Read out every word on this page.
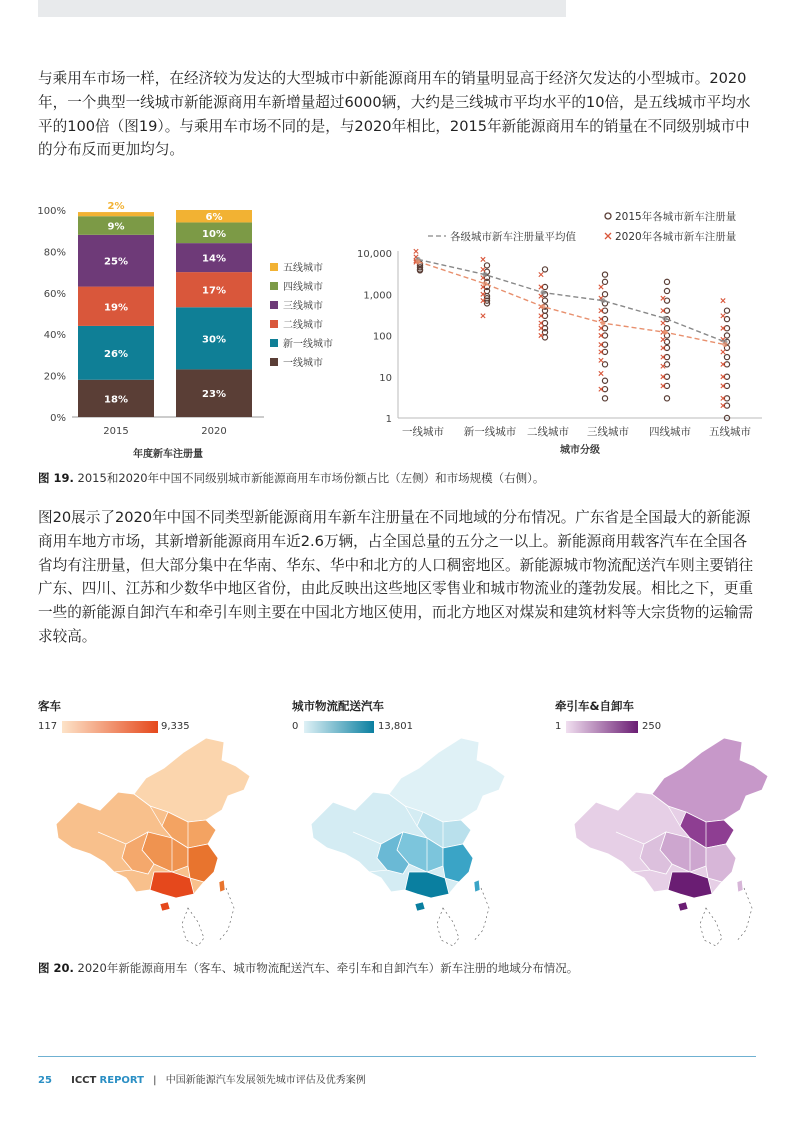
与乘用车市场一样，在经济较为发达的大型城市中新能源商用车的销量明显高于经济欠发达的小型城市。2020年，一个典型一线城市新能源商用车新增量超过6000辆，大约是三线城市平均水平的10倍，是五线城市平均水平的100倍（图19）。与乘用车市场不同的是，与2020年相比，2015年新能源商用车的销量在不同级别城市中的分布反而更加均匀。
0%
20%
40%
60%
80%
100%
18%
26%
19%
25%
9%
2%
2015
23%
30%
17%
14%
10%
6%
2020
年度新车注册量
五线城市
四线城市
三线城市
二线城市
新一线城市
一线城市
1
10
100
1,000
10,000
一线城市 新一线城市 二线城市 三线城市 四线城市 五线城市
城市分级
2015年各城市新车注册量
各级城市新车注册量平均值	2020年各城市新车注册量
图 19. 2015和2020年中国不同级别城市新能源商用车市场份额占比（左侧）和市场规模（右侧）。
图20展示了2020年中国不同类型新能源商用车新车注册量在不同地域的分布情况。广东省是全国最大的新能源商用车地方市场，其新增新能源商用车近2.6万辆，占全国总量的五分之一以上。新能源商用载客汽车在全国各省均有注册量，但大部分集中在华南、华东、华中和北方的人口稠密地区。新能源城市物流配送汽车则主要销往广东、四川、江苏和少数华中地区省份，由此反映出这些地区零售业和城市物流业的蓬勃发展。相比之下，更重一些的新能源自卸汽车和牵引车则主要在中国北方地区使用，而北方地区对煤炭和建筑材料等大宗货物的运输需求较高。
客车
117	9,335
城市物流配送汽车
0	13,801
牵引车&自卸车
1	250
图 20. 2020年新能源商用车（客车、城市物流配送汽车、牵引车和自卸汽车）新车注册的地域分布情况。
25 ICCT REPORT | 中国新能源汽车发展领先城市评估及优秀案例
